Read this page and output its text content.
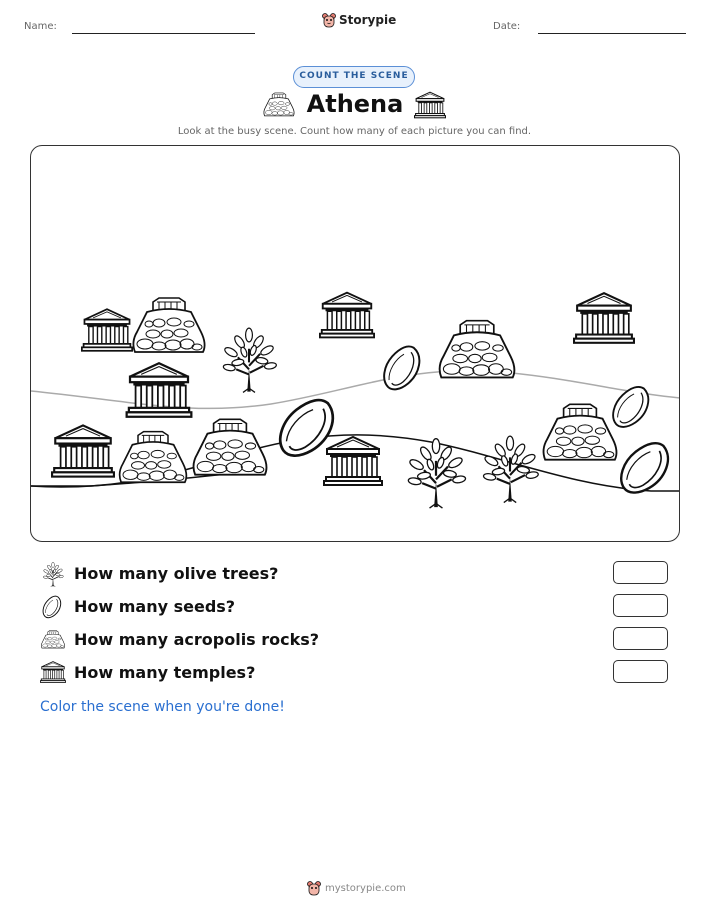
Name:	Date:
Storypie
COUNT THE SCENE
Athena
Look at the busy scene. Count how many of each picture you can find.
How many olive trees?
How many seeds?
How many acropolis rocks?
How many temples?
Color the scene when you're done!
mystorypie.com
